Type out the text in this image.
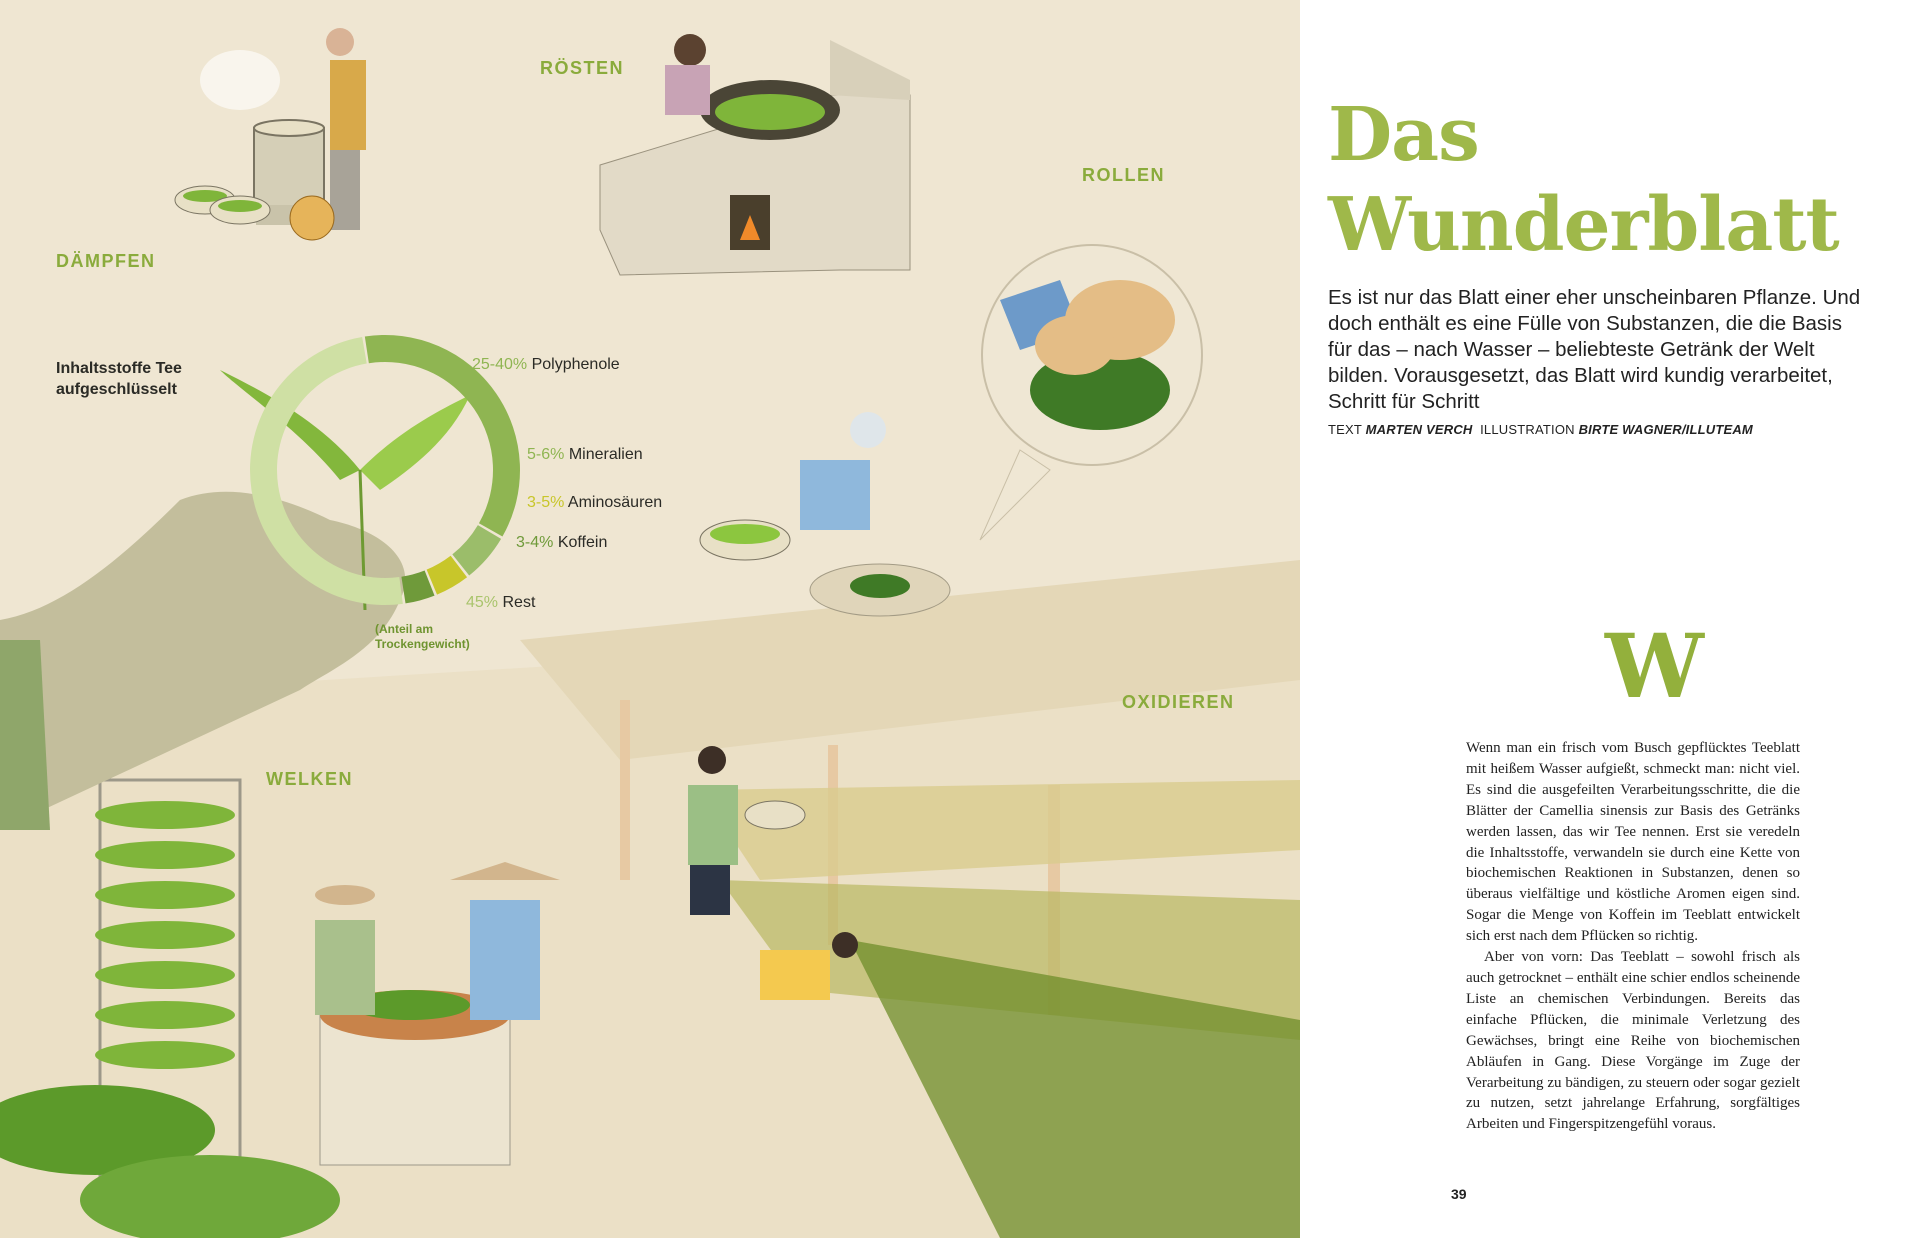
RÖSTEN
ROLLEN
DÄMPFEN
OXIDIEREN
WELKEN
Inhaltsstoffe Tee aufgeschlüsselt
25-40% Polyphenole
5-6% Mineralien
3-5% Aminosäuren
3-4% Koffein
45% Rest
(Anteil am Trockengewicht)
Das
Wunderblatt

Es ist nur das Blatt einer eher unscheinbaren Pflanze. Und doch enthält es eine Fülle von Substanzen, die die Basis für das – nach Wasser – beliebteste Getränk der Welt bilden. Vorausgesetzt, das Blatt wird kundig verarbeitet, Schritt für Schritt

TEXT MARTEN VERCH ILLUSTRATION BIRTE WAGNER/ILLUTEAM
W

Wenn man ein frisch vom Busch gepflücktes Teeblatt mit heißem Wasser aufgießt, schmeckt man: nicht viel. Es sind die ausgefeilten Verarbeitungsschritte, die die Blätter der Camellia sinensis zur Basis des Getränks werden lassen, das wir Tee nennen. Erst sie veredeln die Inhaltsstoffe, verwandeln sie durch eine Kette von biochemischen Reaktionen in Substanzen, denen so überaus vielfältige und köstliche Aromen eigen sind. Sogar die Menge von Koffein im Teeblatt entwickelt sich erst nach dem Pflücken so richtig.

Aber von vorn: Das Teeblatt – sowohl frisch als auch getrocknet – enthält eine schier endlos scheinende Liste an chemischen Verbindungen. Bereits das einfache Pflücken, die minimale Verletzung des Gewächses, bringt eine Reihe von biochemischen Abläufen in Gang. Diese Vorgänge im Zuge der Verarbeitung zu bändigen, zu steuern oder sogar gezielt zu nutzen, setzt jahrelange Erfahrung, sorgfältiges Arbeiten und Fingerspitzengefühl voraus.

39
